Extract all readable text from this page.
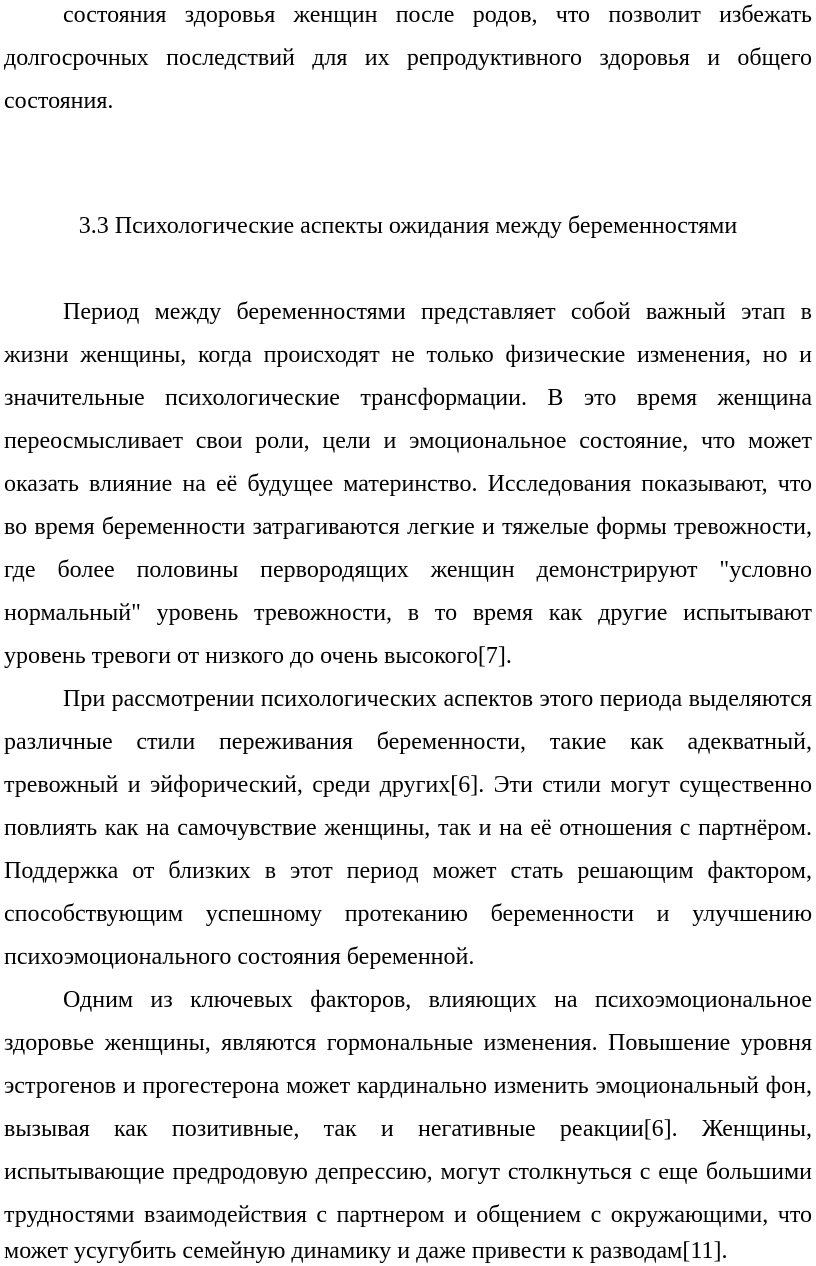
состояния здоровья женщин после родов, что позволит избежать
долгосрочных последствий для их репродуктивного здоровья и общего
состояния.
3.3 Психологические аспекты ожидания между беременностями
Период между беременностями представляет собой важный этап в
жизни женщины, когда происходят не только физические изменения, но и
значительные психологические трансформации. В это время женщина
переосмысливает свои роли, цели и эмоциональное состояние, что может
оказать влияние на её будущее материнство. Исследования показывают, что
во время беременности затрагиваются легкие и тяжелые формы тревожности,
где более половины первородящих женщин демонстрируют "условно
нормальный" уровень тревожности, в то время как другие испытывают
уровень тревоги от низкого до очень высокого[7].
При рассмотрении психологических аспектов этого периода выделяются
различные стили переживания беременности, такие как адекватный,
тревожный и эйфорический, среди других[6]. Эти стили могут существенно
повлиять как на самочувствие женщины, так и на её отношения с партнёром.
Поддержка от близких в этот период может стать решающим фактором,
способствующим успешному протеканию беременности и улучшению
психоэмоционального состояния беременной.
Одним из ключевых факторов, влияющих на психоэмоциональное
здоровье женщины, являются гормональные изменения. Повышение уровня
эстрогенов и прогестерона может кардинально изменить эмоциональный фон,
вызывая как позитивные, так и негативные реакции[6]. Женщины,
испытывающие предродовую депрессию, могут столкнуться с еще большими
трудностями взаимодействия с партнером и общением с окружающими, что
может усугубить семейную динамику и даже привести к разводам[11].
